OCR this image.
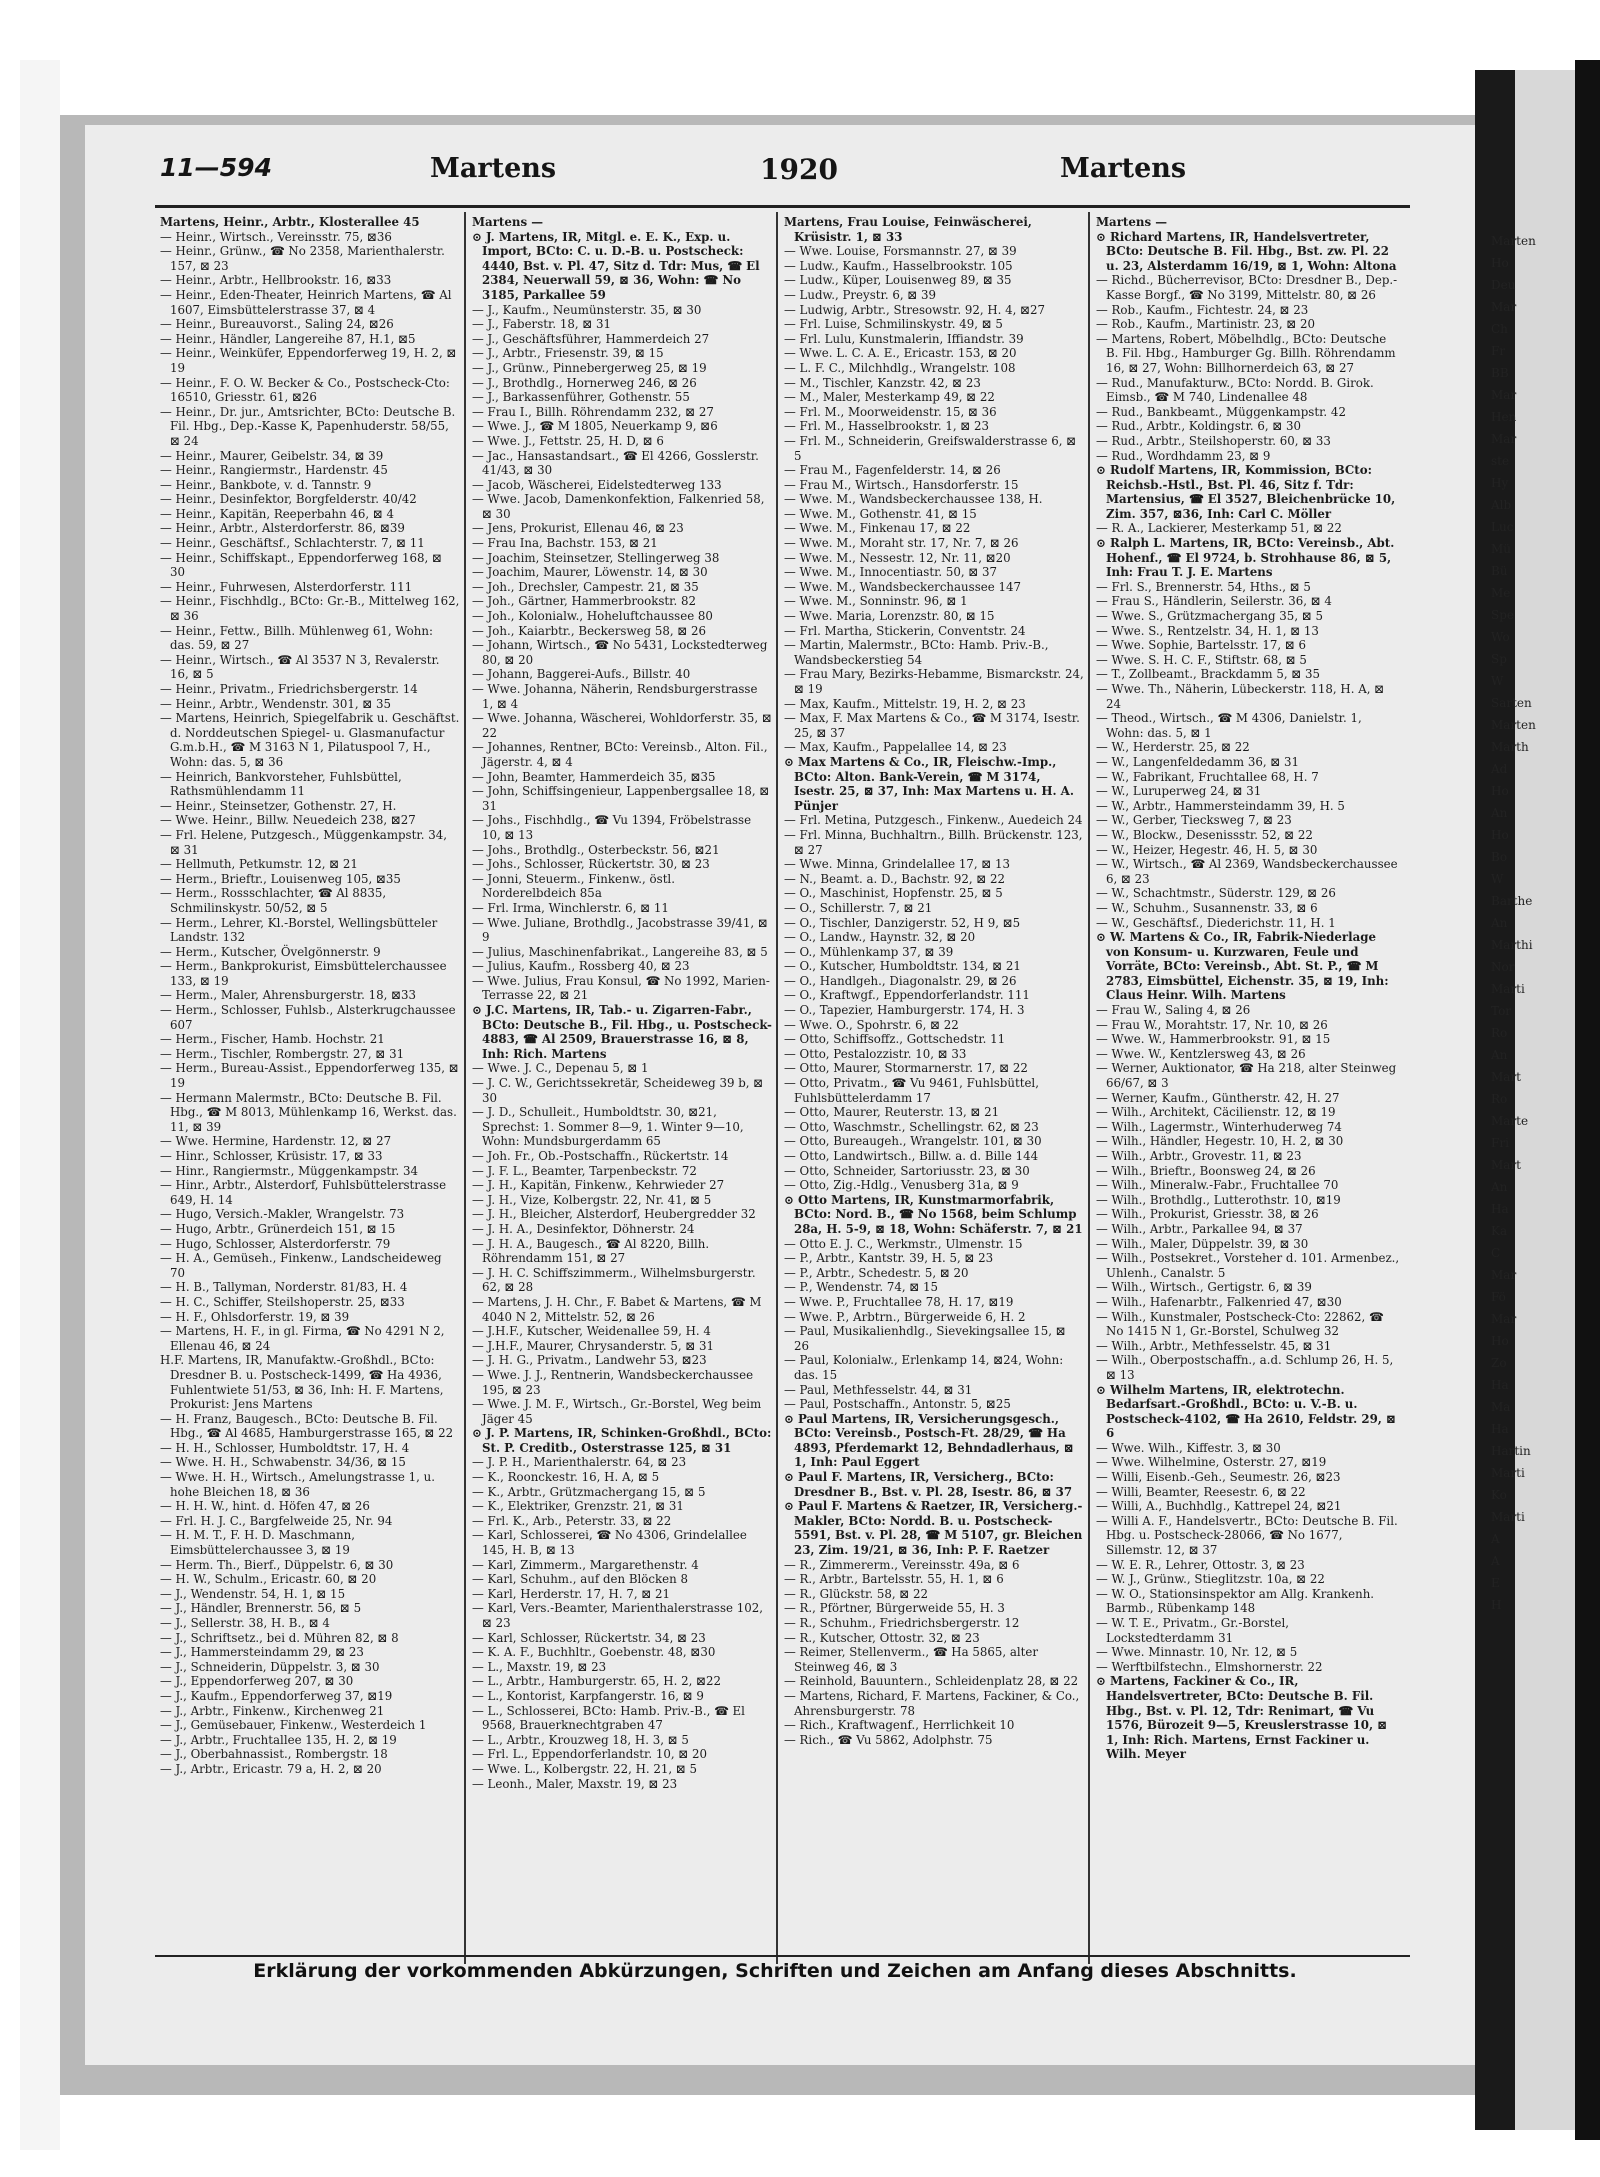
11—594	Martens	1920	Martens

Martens, Heinr., Arbtr., Klosterallee 45

— Heinr., Wirtsch., Vereinsstr. 75, ⊠36

— Heinr., Grünw., ☎ No 2358, Marienthalerstr. 157, ⊠ 23

— Heinr., Arbtr., Hellbrookstr. 16, ⊠33

— Heinr., Eden-Theater, Heinrich Martens, ☎ Al 1607, Eimsbüttelerstrasse 37, ⊠ 4

— Heinr., Bureauvorst., Saling 24, ⊠26

— Heinr., Händler, Langereihe 87, H.1, ⊠5

— Heinr., Weinküfer, Eppendorferweg 19, H. 2, ⊠ 19

— Heinr., F. O. W. Becker & Co., Postscheck-Cto: 16510, Griesstr. 61, ⊠26

— Heinr., Dr. jur., Amtsrichter, BCto: Deutsche B. Fil. Hbg., Dep.-Kasse K, Papenhuderstr. 58/55, ⊠ 24

— Heinr., Maurer, Geibelstr. 34, ⊠ 39

— Heinr., Rangiermstr., Hardenstr. 45

— Heinr., Bankbote, v. d. Tannstr. 9

— Heinr., Desinfektor, Borgfelderstr. 40/42

— Heinr., Kapitän, Reeperbahn 46, ⊠ 4

— Heinr., Arbtr., Alsterdorferstr. 86, ⊠39

— Heinr., Geschäftsf., Schlachterstr. 7, ⊠ 11

— Heinr., Schiffskapt., Eppendorferweg 168, ⊠ 30

— Heinr., Fuhrwesen, Alsterdorferstr. 111

— Heinr., Fischhdlg., BCto: Gr.-B., Mittelweg 162, ⊠ 36

— Heinr., Fettw., Billh. Mühlenweg 61, Wohn: das. 59, ⊠ 27

— Heinr., Wirtsch., ☎ Al 3537 N 3, Revalerstr. 16, ⊠ 5

— Heinr., Privatm., Friedrichsbergerstr. 14

— Heinr., Arbtr., Wendenstr. 301, ⊠ 35

— Martens, Heinrich, Spiegelfabrik u. Geschäftst. d. Norddeutschen Spiegel- u. Glasmanufactur G.m.b.H., ☎ M 3163 N 1, Pilatuspool 7, H., Wohn: das. 5, ⊠ 36

— Heinrich, Bankvorsteher, Fuhlsbüttel, Rathsmühlendamm 11

— Heinr., Steinsetzer, Gothenstr. 27, H.

— Wwe. Heinr., Billw. Neuedeich 238, ⊠27

— Frl. Helene, Putzgesch., Müggenkampstr. 34, ⊠ 31

— Hellmuth, Petkumstr. 12, ⊠ 21

— Herm., Brieftr., Louisenweg 105, ⊠35

— Herm., Rossschlachter, ☎ Al 8835, Schmilinskystr. 50/52, ⊠ 5

— Herm., Lehrer, Kl.-Borstel, Wellingsbütteler Landstr. 132

— Herm., Kutscher, Övelgönnerstr. 9

— Herm., Bankprokurist, Eimsbüttelerchaussee 133, ⊠ 19

— Herm., Maler, Ahrensburgerstr. 18, ⊠33

— Herm., Schlosser, Fuhlsb., Alsterkrugchaussee 607

— Herm., Fischer, Hamb. Hochstr. 21

— Herm., Tischler, Rombergstr. 27, ⊠ 31

— Herm., Bureau-Assist., Eppendorferweg 135, ⊠ 19

— Hermann Malermstr., BCto: Deutsche B. Fil. Hbg., ☎ M 8013, Mühlenkamp 16, Werkst. das. 11, ⊠ 39

— Wwe. Hermine, Hardenstr. 12, ⊠ 27

— Hinr., Schlosser, Krüsistr. 17, ⊠ 33

— Hinr., Rangiermstr., Müggenkampstr. 34

— Hinr., Arbtr., Alsterdorf, Fuhlsbüttelerstrasse 649, H. 14

— Hugo, Versich.-Makler, Wrangelstr. 73

— Hugo, Arbtr., Grünerdeich 151, ⊠ 15

— Hugo, Schlosser, Alsterdorferstr. 79

— H. A., Gemüseh., Finkenw., Landscheideweg 70

— H. B., Tallyman, Norderstr. 81/83, H. 4

— H. C., Schiffer, Steilshoperstr. 25, ⊠33

— H. F., Ohlsdorferstr. 19, ⊠ 39

— Martens, H. F., in gl. Firma, ☎ No 4291 N 2, Ellenau 46, ⊠ 24

H.F. Martens, IR, Manufaktw.-Großhdl., BCto: Dresdner B. u. Postscheck-1499, ☎ Ha 4936, Fuhlentwiete 51/53, ⊠ 36, Inh: H. F. Martens, Prokurist: Jens Martens

— H. Franz, Baugesch., BCto: Deutsche B. Fil. Hbg., ☎ Al 4685, Hamburgerstrasse 165, ⊠ 22

— H. H., Schlosser, Humboldtstr. 17, H. 4

— Wwe. H. H., Schwabenstr. 34/36, ⊠ 15

— Wwe. H. H., Wirtsch., Amelungstrasse 1, u. hohe Bleichen 18, ⊠ 36

— H. H. W., hint. d. Höfen 47, ⊠ 26

— Frl. H. J. C., Bargfelweide 25, Nr. 94

— H. M. T., F. H. D. Maschmann, Eimsbüttelerchaussee 3, ⊠ 19

— Herm. Th., Bierf., Düppelstr. 6, ⊠ 30

— H. W., Schulm., Ericastr. 60, ⊠ 20

— J., Wendenstr. 54, H. 1, ⊠ 15

— J., Händler, Brennerstr. 56, ⊠ 5

— J., Sellerstr. 38, H. B., ⊠ 4

— J., Schriftsetz., bei d. Mühren 82, ⊠ 8

— J., Hammersteindamm 29, ⊠ 23

— J., Schneiderin, Düppelstr. 3, ⊠ 30

— J., Eppendorferweg 207, ⊠ 30

— J., Kaufm., Eppendorferweg 37, ⊠19

— J., Arbtr., Finkenw., Kirchenweg 21

— J., Gemüsebauer, Finkenw., Westerdeich 1

— J., Arbtr., Fruchtallee 135, H. 2, ⊠ 19

— J., Oberbahnassist., Rombergstr. 18

— J., Arbtr., Ericastr. 79 a, H. 2, ⊠ 20

Martens —

⊙ J. Martens, IR, Mitgl. e. E. K., Exp. u. Import, BCto: C. u. D.-B. u. Postscheck: 4440, Bst. v. Pl. 47, Sitz d. Tdr: Mus, ☎ El 2384, Neuerwall 59, ⊠ 36, Wohn: ☎ No 3185, Parkallee 59

— J., Kaufm., Neumünsterstr. 35, ⊠ 30

— J., Faberstr. 18, ⊠ 31

— J., Geschäftsführer, Hammerdeich 27

— J., Arbtr., Friesenstr. 39, ⊠ 15

— J., Grünw., Pinnebergerweg 25, ⊠ 19

— J., Brothdlg., Hornerweg 246, ⊠ 26

— J., Barkassenführer, Gothenstr. 55

— Frau I., Billh. Röhrendamm 232, ⊠ 27

— Wwe. J., ☎ M 1805, Neuerkamp 9, ⊠6

— Wwe. J., Fettstr. 25, H. D, ⊠ 6

— Jac., Hansastandsart., ☎ El 4266, Gosslerstr. 41/43, ⊠ 30

— Jacob, Wäscherei, Eidelstedterweg 133

— Wwe. Jacob, Damenkonfektion, Falkenried 58, ⊠ 30

— Jens, Prokurist, Ellenau 46, ⊠ 23

— Frau Ina, Bachstr. 153, ⊠ 21

— Joachim, Steinsetzer, Stellingerweg 38

— Joachim, Maurer, Löwenstr. 14, ⊠ 30

— Joh., Drechsler, Campestr. 21, ⊠ 35

— Joh., Gärtner, Hammerbrookstr. 82

— Joh., Kolonialw., Hoheluftchaussee 80

— Joh., Kaiarbtr., Beckersweg 58, ⊠ 26

— Johann, Wirtsch., ☎ No 5431, Lockstedterweg 80, ⊠ 20

— Johann, Baggerei-Aufs., Billstr. 40

— Wwe. Johanna, Näherin, Rendsburgerstrasse 1, ⊠ 4

— Wwe. Johanna, Wäscherei, Wohldorferstr. 35, ⊠ 22

— Johannes, Rentner, BCto: Vereinsb., Alton. Fil., Jägerstr. 4, ⊠ 4

— John, Beamter, Hammerdeich 35, ⊠35

— John, Schiffsingenieur, Lappenbergsallee 18, ⊠ 31

— Johs., Fischhdlg., ☎ Vu 1394, Fröbelstrasse 10, ⊠ 13

— Johs., Brothdlg., Osterbeckstr. 56, ⊠21

— Johs., Schlosser, Rückertstr. 30, ⊠ 23

— Jonni, Steuerm., Finkenw., östl. Norderelbdeich 85a

— Frl. Irma, Winchlerstr. 6, ⊠ 11

— Wwe. Juliane, Brothdlg., Jacobstrasse 39/41, ⊠ 9

— Julius, Maschinenfabrikat., Langereihe 83, ⊠ 5

— Julius, Kaufm., Rossberg 40, ⊠ 23

— Wwe. Julius, Frau Konsul, ☎ No 1992, Marien-Terrasse 22, ⊠ 21

⊙ J.C. Martens, IR, Tab.- u. Zigarren-Fabr., BCto: Deutsche B., Fil. Hbg., u. Postscheck-4883, ☎ Al 2509, Brauerstrasse 16, ⊠ 8, Inh: Rich. Martens

— Wwe. J. C., Depenau 5, ⊠ 1

— J. C. W., Gerichtssekretär, Scheideweg 39 b, ⊠ 30

— J. D., Schulleit., Humboldtstr. 30, ⊠21, Sprechst: 1. Sommer 8—9, 1. Winter 9—10, Wohn: Mundsburgerdamm 65

— Joh. Fr., Ob.-Postschaffn., Rückertstr. 14

— J. F. L., Beamter, Tarpenbeckstr. 72

— J. H., Kapitän, Finkenw., Kehrwieder 27

— J. H., Vize, Kolbergstr. 22, Nr. 41, ⊠ 5

— J. H., Bleicher, Alsterdorf, Heubergredder 32

— J. H. A., Desinfektor, Döhnerstr. 24

— J. H. A., Baugesch., ☎ Al 8220, Billh. Röhrendamm 151, ⊠ 27

— J. H. C. Schiffszimmerm., Wilhelmsburgerstr. 62, ⊠ 28

— Martens, J. H. Chr., F. Babet & Martens, ☎ M 4040 N 2, Mittelstr. 52, ⊠ 26

— J.H.F., Kutscher, Weidenallee 59, H. 4

— J.H.F., Maurer, Chrysanderstr. 5, ⊠ 31

— J. H. G., Privatm., Landwehr 53, ⊠23

— Wwe. J. J., Rentnerin, Wandsbeckerchaussee 195, ⊠ 23

— Wwe. J. M. F., Wirtsch., Gr.-Borstel, Weg beim Jäger 45

⊙ J. P. Martens, IR, Schinken-Großhdl., BCto: St. P. Creditb., Osterstrasse 125, ⊠ 31

— J. P. H., Marienthalerstr. 64, ⊠ 23

— K., Roonckestr. 16, H. A, ⊠ 5

— K., Arbtr., Grützmachergang 15, ⊠ 5

— K., Elektriker, Grenzstr. 21, ⊠ 31

— Frl. K., Arb., Peterstr. 33, ⊠ 22

— Karl, Schlosserei, ☎ No 4306, Grindelallee 145, H. B, ⊠ 13

— Karl, Zimmerm., Margarethenstr. 4

— Karl, Schuhm., auf den Blöcken 8

— Karl, Herderstr. 17, H. 7, ⊠ 21

— Karl, Vers.-Beamter, Marienthalerstrasse 102, ⊠ 23

— Karl, Schlosser, Rückertstr. 34, ⊠ 23

— K. A. F., Buchhltr., Goebenstr. 48, ⊠30

— L., Maxstr. 19, ⊠ 23

— L., Arbtr., Hamburgerstr. 65, H. 2, ⊠22

— L., Kontorist, Karpfangerstr. 16, ⊠ 9

— L., Schlosserei, BCto: Hamb. Priv.-B., ☎ El 9568, Brauerknechtgraben 47

— L., Arbtr., Krouzweg 18, H. 3, ⊠ 5

— Frl. L., Eppendorferlandstr. 10, ⊠ 20

— Wwe. L., Kolbergstr. 22, H. 21, ⊠ 5

— Leonh., Maler, Maxstr. 19, ⊠ 23

Martens, Frau Louise, Feinwäscherei, Krüsistr. 1, ⊠ 33

— Wwe. Louise, Forsmannstr. 27, ⊠ 39

— Ludw., Kaufm., Hasselbrookstr. 105

— Ludw., Küper, Louisenweg 89, ⊠ 35

— Ludw., Preystr. 6, ⊠ 39

— Ludwig, Arbtr., Stresowstr. 92, H. 4, ⊠27

— Frl. Luise, Schmilinskystr. 49, ⊠ 5

— Frl. Lulu, Kunstmalerin, Iffiandstr. 39

— Wwe. L. C. A. E., Ericastr. 153, ⊠ 20

— L. F. C., Milchhdlg., Wrangelstr. 108

— M., Tischler, Kanzstr. 42, ⊠ 23

— M., Maler, Mesterkamp 49, ⊠ 22

— Frl. M., Moorweidenstr. 15, ⊠ 36

— Frl. M., Hasselbrookstr. 1, ⊠ 23

— Frl. M., Schneiderin, Greifswalderstrasse 6, ⊠ 5

— Frau M., Fagenfelderstr. 14, ⊠ 26

— Frau M., Wirtsch., Hansdorferstr. 15

— Wwe. M., Wandsbeckerchaussee 138, H.

— Wwe. M., Gothenstr. 41, ⊠ 15

— Wwe. M., Finkenau 17, ⊠ 22

— Wwe. M., Moraht str. 17, Nr. 7, ⊠ 26

— Wwe. M., Nessestr. 12, Nr. 11, ⊠20

— Wwe. M., Innocentiastr. 50, ⊠ 37

— Wwe. M., Wandsbeckerchaussee 147

— Wwe. M., Sonninstr. 96, ⊠ 1

— Wwe. Maria, Lorenzstr. 80, ⊠ 15

— Frl. Martha, Stickerin, Conventstr. 24

— Martin, Malermstr., BCto: Hamb. Priv.-B., Wandsbeckerstieg 54

— Frau Mary, Bezirks-Hebamme, Bismarckstr. 24, ⊠ 19

— Max, Kaufm., Mittelstr. 19, H. 2, ⊠ 23

— Max, F. Max Martens & Co., ☎ M 3174, Isestr. 25, ⊠ 37

— Max, Kaufm., Pappelallee 14, ⊠ 23

⊙ Max Martens & Co., IR, Fleischw.-Imp., BCto: Alton. Bank-Verein, ☎ M 3174, Isestr. 25, ⊠ 37, Inh: Max Martens u. H. A. Pünjer

— Frl. Metina, Putzgesch., Finkenw., Auedeich 24

— Frl. Minna, Buchhaltrn., Billh. Brückenstr. 123, ⊠ 27

— Wwe. Minna, Grindelallee 17, ⊠ 13

— N., Beamt. a. D., Bachstr. 92, ⊠ 22

— O., Maschinist, Hopfenstr. 25, ⊠ 5

— O., Schillerstr. 7, ⊠ 21

— O., Tischler, Danzigerstr. 52, H 9, ⊠5

— O., Landw., Haynstr. 32, ⊠ 20

— O., Mühlenkamp 37, ⊠ 39

— O., Kutscher, Humboldtstr. 134, ⊠ 21

— O., Handlgeh., Diagonalstr. 29, ⊠ 26

— O., Kraftwgf., Eppendorferlandstr. 111

— O., Tapezier, Hamburgerstr. 174, H. 3

— Wwe. O., Spohrstr. 6, ⊠ 22

— Otto, Schiffsoffz., Gottschedstr. 11

— Otto, Pestalozzistr. 10, ⊠ 33

— Otto, Maurer, Stormarnerstr. 17, ⊠ 22

— Otto, Privatm., ☎ Vu 9461, Fuhlsbüttel, Fuhlsbüttelerdamm 17

— Otto, Maurer, Reuterstr. 13, ⊠ 21

— Otto, Waschmstr., Schellingstr. 62, ⊠ 23

— Otto, Bureaugeh., Wrangelstr. 101, ⊠ 30

— Otto, Landwirtsch., Billw. a. d. Bille 144

— Otto, Schneider, Sartoriusstr. 23, ⊠ 30

— Otto, Zig.-Hdlg., Venusberg 31a, ⊠ 9

⊙ Otto Martens, IR, Kunstmarmorfabrik, BCto: Nord. B., ☎ No 1568, beim Schlump 28a, H. 5-9, ⊠ 18, Wohn: Schäferstr. 7, ⊠ 21

— Otto E. J. C., Werkmstr., Ulmenstr. 15

— P., Arbtr., Kantstr. 39, H. 5, ⊠ 23

— P., Arbtr., Schedestr. 5, ⊠ 20

— P., Wendenstr. 74, ⊠ 15

— Wwe. P., Fruchtallee 78, H. 17, ⊠19

— Wwe. P., Arbtrn., Bürgerweide 6, H. 2

— Paul, Musikalienhdlg., Sievekingsallee 15, ⊠ 26

— Paul, Kolonialw., Erlenkamp 14, ⊠24, Wohn: das. 15

— Paul, Methfesselstr. 44, ⊠ 31

— Paul, Postschaffn., Antonstr. 5, ⊠25

⊙ Paul Martens, IR, Versicherungsgesch., BCto: Vereinsb., Postsch-Ft. 28/29, ☎ Ha 4893, Pferdemarkt 12, Behndadlerhaus, ⊠ 1, Inh: Paul Eggert

⊙ Paul F. Martens, IR, Versicherg., BCto: Dresdner B., Bst. v. Pl. 28, Isestr. 86, ⊠ 37

⊙ Paul F. Martens & Raetzer, IR, Versicherg.-Makler, BCto: Nordd. B. u. Postscheck-5591, Bst. v. Pl. 28, ☎ M 5107, gr. Bleichen 23, Zim. 19/21, ⊠ 36, Inh: P. F. Raetzer

— R., Zimmererm., Vereinsstr. 49a, ⊠ 6

— R., Arbtr., Bartelsstr. 55, H. 1, ⊠ 6

— R., Glückstr. 58, ⊠ 22

— R., Pförtner, Bürgerweide 55, H. 3

— R., Schuhm., Friedrichsbergerstr. 12

— R., Kutscher, Ottostr. 32, ⊠ 23

— Reimer, Stellenverm., ☎ Ha 5865, alter Steinweg 46, ⊠ 3

— Reinhold, Bauuntern., Schleidenplatz 28, ⊠ 22

— Martens, Richard, F. Martens, Fackiner, & Co., Ahrensburgerstr. 78

— Rich., Kraftwagenf., Herrlichkeit 10

— Rich., ☎ Vu 5862, Adolphstr. 75

Martens —

⊙ Richard Martens, IR, Handelsvertreter, BCto: Deutsche B. Fil. Hbg., Bst. zw. Pl. 22 u. 23, Alsterdamm 16/19, ⊠ 1, Wohn: Altona

— Richd., Bücherrevisor, BCto: Dresdner B., Dep.-Kasse Borgf., ☎ No 3199, Mittelstr. 80, ⊠ 26

— Rob., Kaufm., Fichtestr. 24, ⊠ 23

— Rob., Kaufm., Martinistr. 23, ⊠ 20

— Martens, Robert, Möbelhdlg., BCto: Deutsche B. Fil. Hbg., Hamburger Gg. Billh. Röhrendamm 16, ⊠ 27, Wohn: Billhornerdeich 63, ⊠ 27

— Rud., Manufakturw., BCto: Nordd. B. Girok. Eimsb., ☎ M 740, Lindenallee 48

— Rud., Bankbeamt., Müggenkampstr. 42

— Rud., Arbtr., Koldingstr. 6, ⊠ 30

— Rud., Arbtr., Steilshoperstr. 60, ⊠ 33

— Rud., Wordhdamm 23, ⊠ 9

⊙ Rudolf Martens, IR, Kommission, BCto: Reichsb.-Hstl., Bst. Pl. 46, Sitz f. Tdr: Martensius, ☎ El 3527, Bleichenbrücke 10, Zim. 357, ⊠36, Inh: Carl C. Möller

— R. A., Lackierer, Mesterkamp 51, ⊠ 22

⊙ Ralph L. Martens, IR, BCto: Vereinsb., Abt. Hohenf., ☎ El 9724, b. Strohhause 86, ⊠ 5, Inh: Frau T. J. E. Martens

— Frl. S., Brennerstr. 54, Hths., ⊠ 5

— Frau S., Händlerin, Seilerstr. 36, ⊠ 4

— Wwe. S., Grützmachergang 35, ⊠ 5

— Wwe. S., Rentzelstr. 34, H. 1, ⊠ 13

— Wwe. Sophie, Bartelsstr. 17, ⊠ 6

— Wwe. S. H. C. F., Stiftstr. 68, ⊠ 5

— T., Zollbeamt., Brackdamm 5, ⊠ 35

— Wwe. Th., Näherin, Lübeckerstr. 118, H. A, ⊠ 24

— Theod., Wirtsch., ☎ M 4306, Danielstr. 1, Wohn: das. 5, ⊠ 1

— W., Herderstr. 25, ⊠ 22

— W., Langenfeldedamm 36, ⊠ 31

— W., Fabrikant, Fruchtallee 68, H. 7

— W., Luruperweg 24, ⊠ 31

— W., Arbtr., Hammersteindamm 39, H. 5

— W., Gerber, Tiecksweg 7, ⊠ 23

— W., Blockw., Desenissstr. 52, ⊠ 22

— W., Heizer, Hegestr. 46, H. 5, ⊠ 30

— W., Wirtsch., ☎ Al 2369, Wandsbeckerchaussee 6, ⊠ 23

— W., Schachtmstr., Süderstr. 129, ⊠ 26

— W., Schuhm., Susannenstr. 33, ⊠ 6

— W., Geschäftsf., Diederichstr. 11, H. 1

⊙ W. Martens & Co., IR, Fabrik-Niederlage von Konsum- u. Kurzwaren, Feule und Vorräte, BCto: Vereinsb., Abt. St. P., ☎ M 2783, Eimsbüttel, Eichenstr. 35, ⊠ 19, Inh: Claus Heinr. Wilh. Martens

— Frau W., Saling 4, ⊠ 26

— Frau W., Morahtstr. 17, Nr. 10, ⊠ 26

— Wwe. W., Hammerbrookstr. 91, ⊠ 15

— Wwe. W., Kentzlersweg 43, ⊠ 26

— Werner, Auktionator, ☎ Ha 218, alter Steinweg 66/67, ⊠ 3

— Werner, Kaufm., Güntherstr. 42, H. 27

— Wilh., Architekt, Cäcilienstr. 12, ⊠ 19

— Wilh., Lagermstr., Winterhuderweg 74

— Wilh., Händler, Hegestr. 10, H. 2, ⊠ 30

— Wilh., Arbtr., Grovestr. 11, ⊠ 23

— Wilh., Brieftr., Boonsweg 24, ⊠ 26

— Wilh., Mineralw.-Fabr., Fruchtallee 70

— Wilh., Brothdlg., Lutterothstr. 10, ⊠19

— Wilh., Prokurist, Griesstr. 38, ⊠ 26

— Wilh., Arbtr., Parkallee 94, ⊠ 37

— Wilh., Maler, Düppelstr. 39, ⊠ 30

— Wilh., Postsekret., Vorsteher d. 101. Armenbez., Uhlenh., Canalstr. 5

— Wilh., Wirtsch., Gertigstr. 6, ⊠ 39

— Wilh., Hafenarbtr., Falkenried 47, ⊠30

— Wilh., Kunstmaler, Postscheck-Cto: 22862, ☎ No 1415 N 1, Gr.-Borstel, Schulweg 32

— Wilh., Arbtr., Methfesselstr. 45, ⊠ 31

— Wilh., Oberpostschaffn., a.d. Schlump 26, H. 5, ⊠ 13

⊙ Wilhelm Martens, IR, elektrotechn. Bedarfsart.-Großhdl., BCto: u. V.-B. u. Postscheck-4102, ☎ Ha 2610, Feldstr. 29, ⊠ 6

— Wwe. Wilh., Kiffestr. 3, ⊠ 30

— Wwe. Wilhelmine, Osterstr. 27, ⊠19

— Willi, Eisenb.-Geh., Seumestr. 26, ⊠23

— Willi, Beamter, Reesestr. 6, ⊠ 22

— Willi, A., Buchhdlg., Kattrepel 24, ⊠21

— Willi A. F., Handelsvertr., BCto: Deutsche B. Fil. Hbg. u. Postscheck-28066, ☎ No 1677, Sillemstr. 12, ⊠ 37

— W. E. R., Lehrer, Ottostr. 3, ⊠ 23

— W. J., Grünw., Stieglitzstr. 10a, ⊠ 22

— W. O., Stationsinspektor am Allg. Krankenh. Barmb., Rübenkamp 148

— W. T. E., Privatm., Gr.-Borstel, Lockstedterdamm 31

— Wwe. Minnastr. 10, Nr. 12, ⊠ 5

— Werftbilfstechn., Elmshornerstr. 22

⊙ Martens, Fackiner & Co., IR, Handelsvertreter, BCto: Deutsche B. Fil. Hbg., Bst. v. Pl. 12, Tdr: Renimart, ☎ Vu 1576, Bürozeit 9—5, Kreuslerstrasse 10, ⊠ 1, Inh: Rich. Martens, Ernst Fackiner u. Wilh. Meyer

Erklärung der vorkommenden Abkürzungen, Schriften und Zeichen am Anfang dieses Abschnitts.
Marten
Ho
Deu
Mar
Ch
Fr
BB
Mar
Hen
Mar
ste
Hy
Alb
Luc
Mü
Bü
Me
Spe
Wo
Sp
W
Sarten
Marten
Marth
Ad
Ho
An
Ho
Bo
W
Barthe
An
Marthi
Nor
Marti
Tor
Ro
An
Mart
Ro
Marte
Fri
Mart
An
Ha
Ka
C
Mar
Fö
Mar
Ho
Zo
Ha
Ma
Ha
Hartin
Marti
Ko
Marti
A
A
E
H
